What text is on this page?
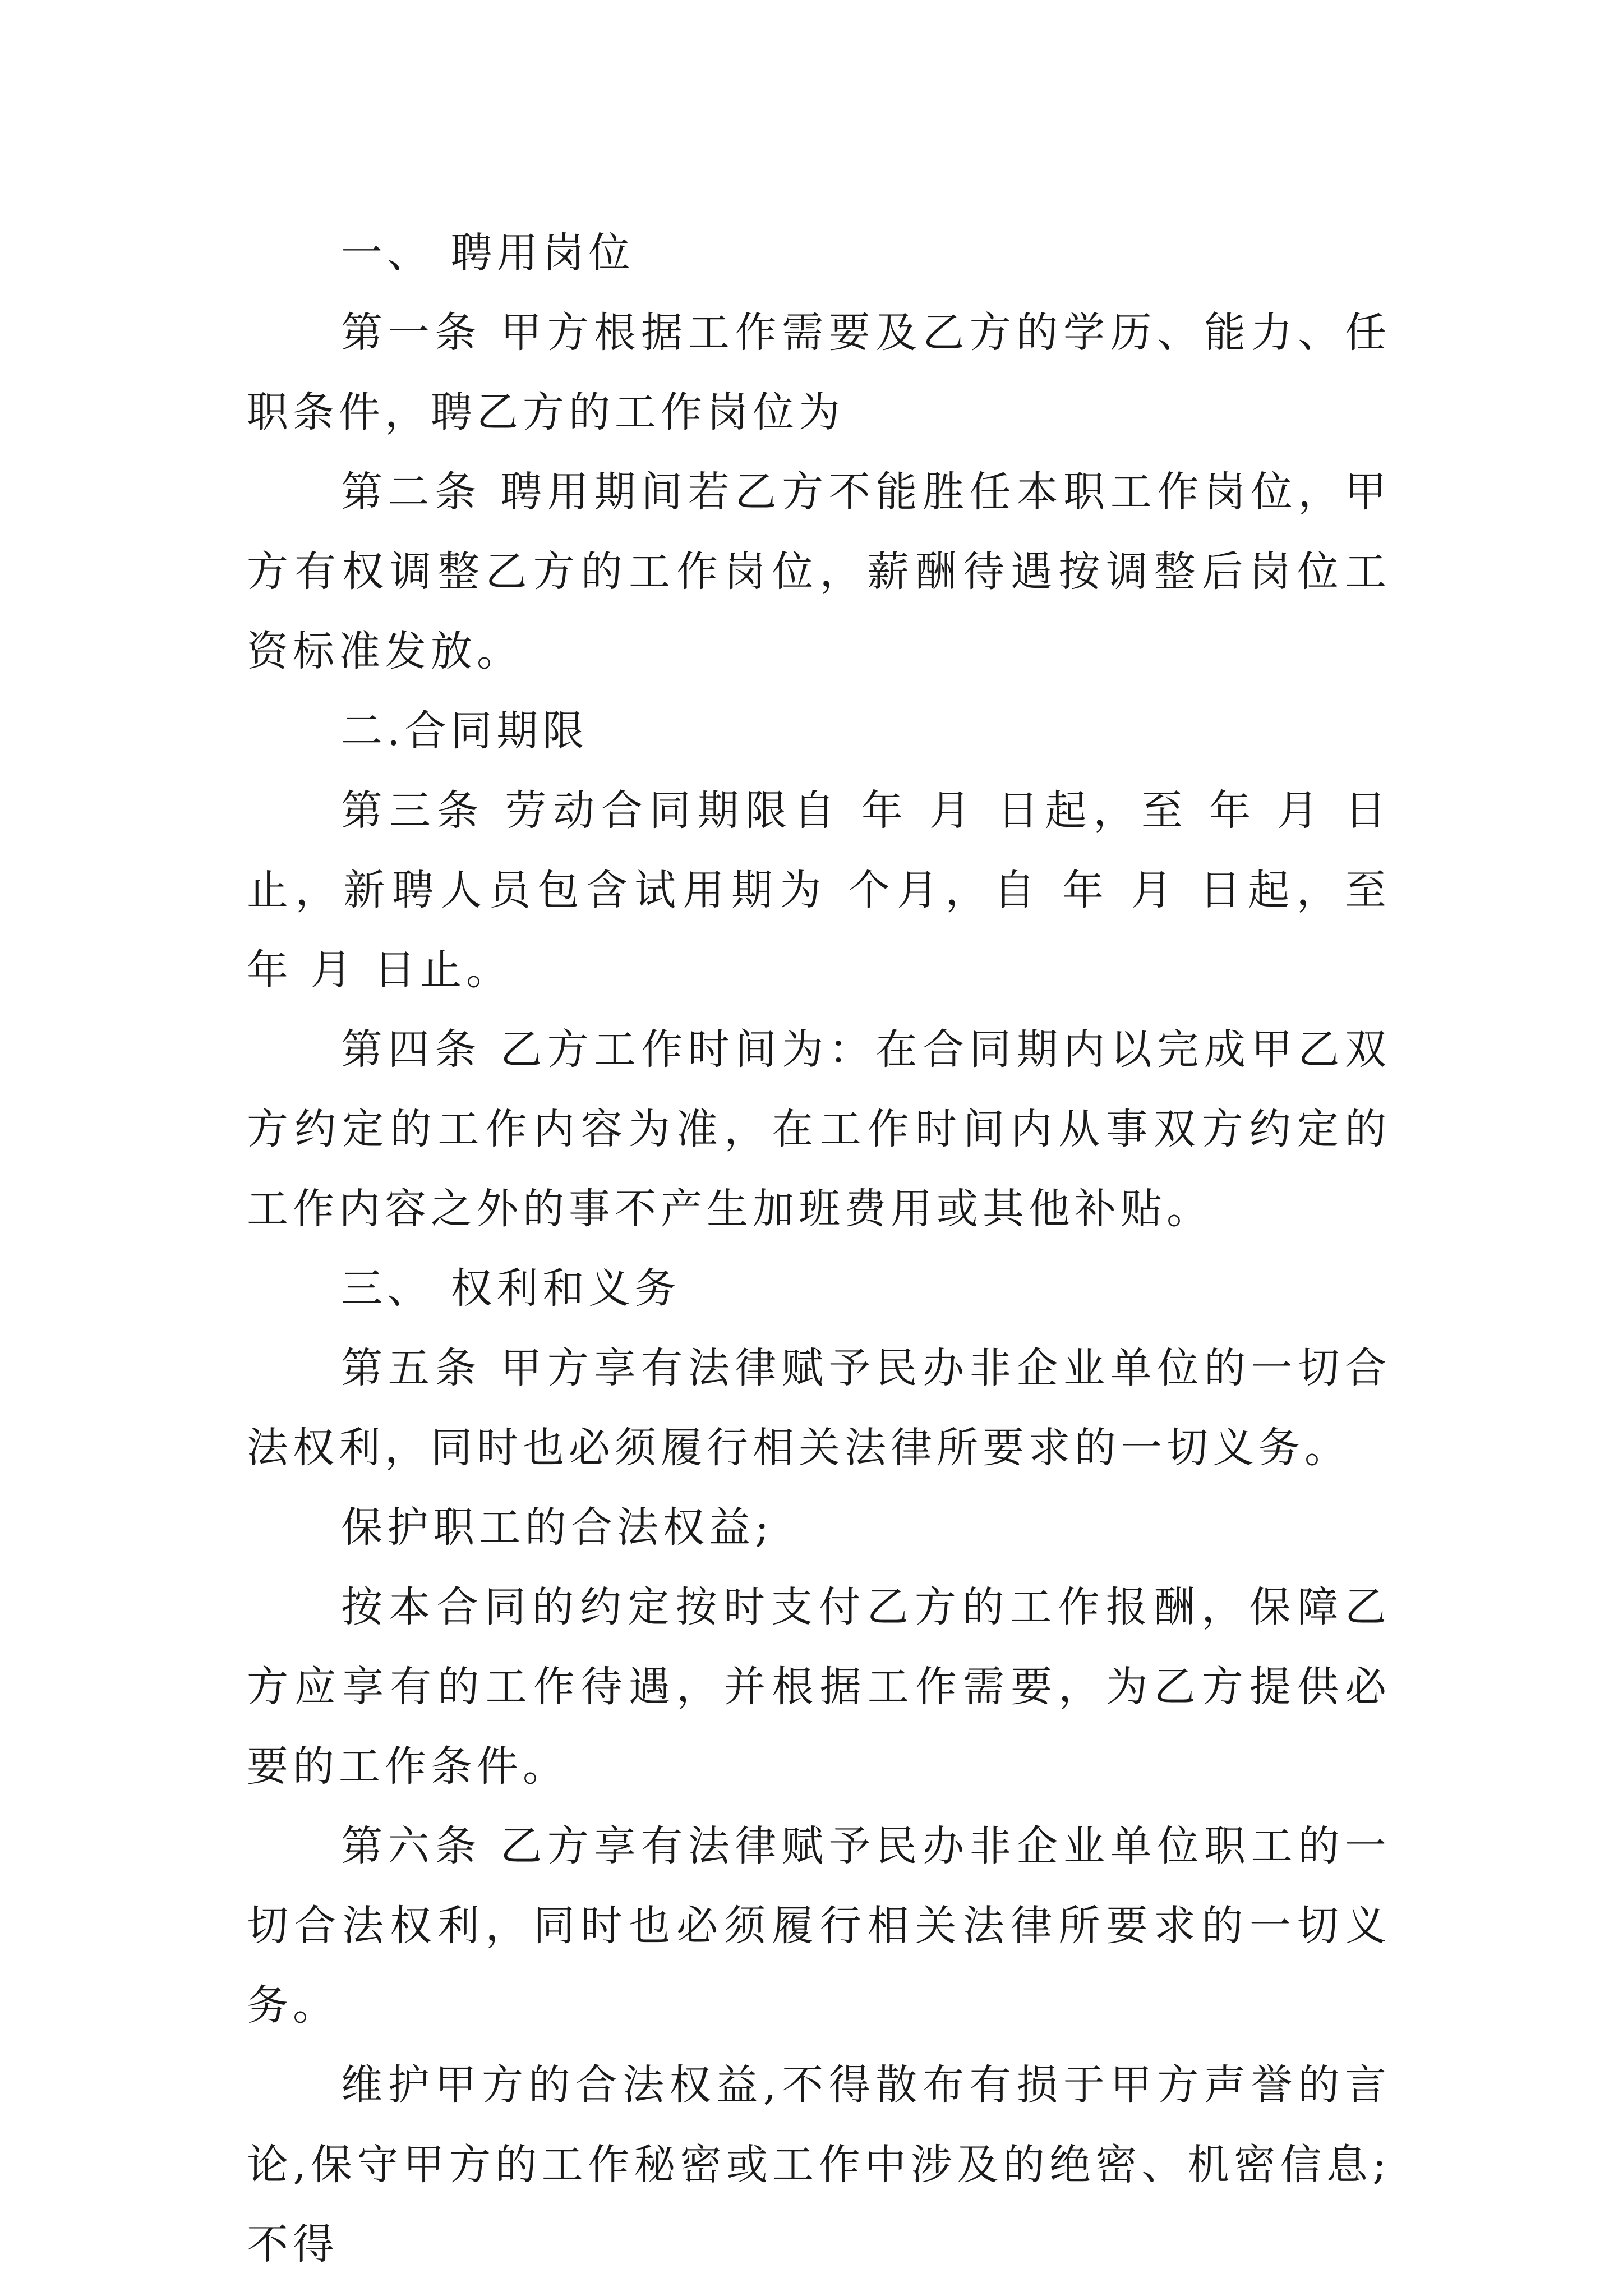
一、 聘用岗位

第一条 甲方根据工作需要及乙方的学历、能力、任职条件，聘乙方的工作岗位为

第二条 聘用期间若乙方不能胜任本职工作岗位，甲方有权调整乙方的工作岗位，薪酬待遇按调整后岗位工资标准发放。

二.合同期限

第三条 劳动合同期限自 年 月 日起，至 年 月 日止，新聘人员包含试用期为 个月，自 年 月 日起，至 年 月 日止。

第四条 乙方工作时间为：在合同期内以完成甲乙双方约定的工作内容为准，在工作时间内从事双方约定的工作内容之外的事不产生加班费用或其他补贴。

三、 权利和义务

第五条 甲方享有法律赋予民办非企业单位的一切合法权利，同时也必须履行相关法律所要求的一切义务。

保护职工的合法权益;

按本合同的约定按时支付乙方的工作报酬，保障乙方应享有的工作待遇，并根据工作需要，为乙方提供必要的工作条件。

第六条 乙方享有法律赋予民办非企业单位职工的一切合法权利，同时也必须履行相关法律所要求的一切义务。

维护甲方的合法权益,不得散布有损于甲方声誉的言论,保守甲方的工作秘密或工作中涉及的绝密、机密信息;不得
